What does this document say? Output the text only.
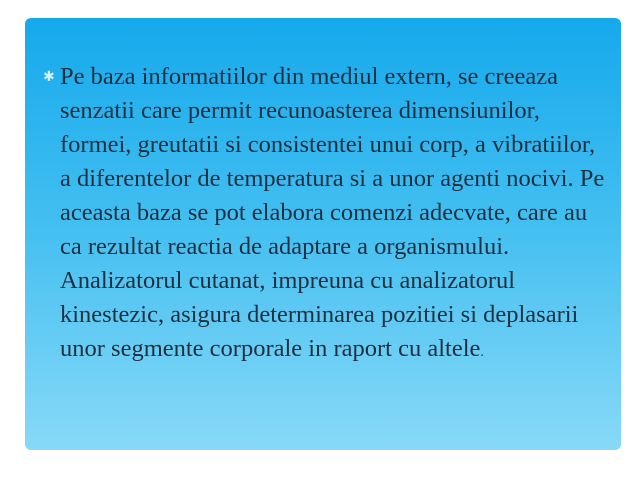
✱ Pe baza informatiilor din mediul extern, se creeaza senzatii care permit recunoasterea dimensiunilor, formei, greutatii si consistentei unui corp, a vibratiilor, a diferentelor de temperatura si a unor agenti nocivi. Pe aceasta baza se pot elabora comenzi adecvate, care au ca rezultat reactia de adaptare a organismului. Analizatorul cutanat, impreuna cu analizatorul kinestezic, asigura determinarea pozitiei si deplasarii unor segmente corporale in raport cu altele.
